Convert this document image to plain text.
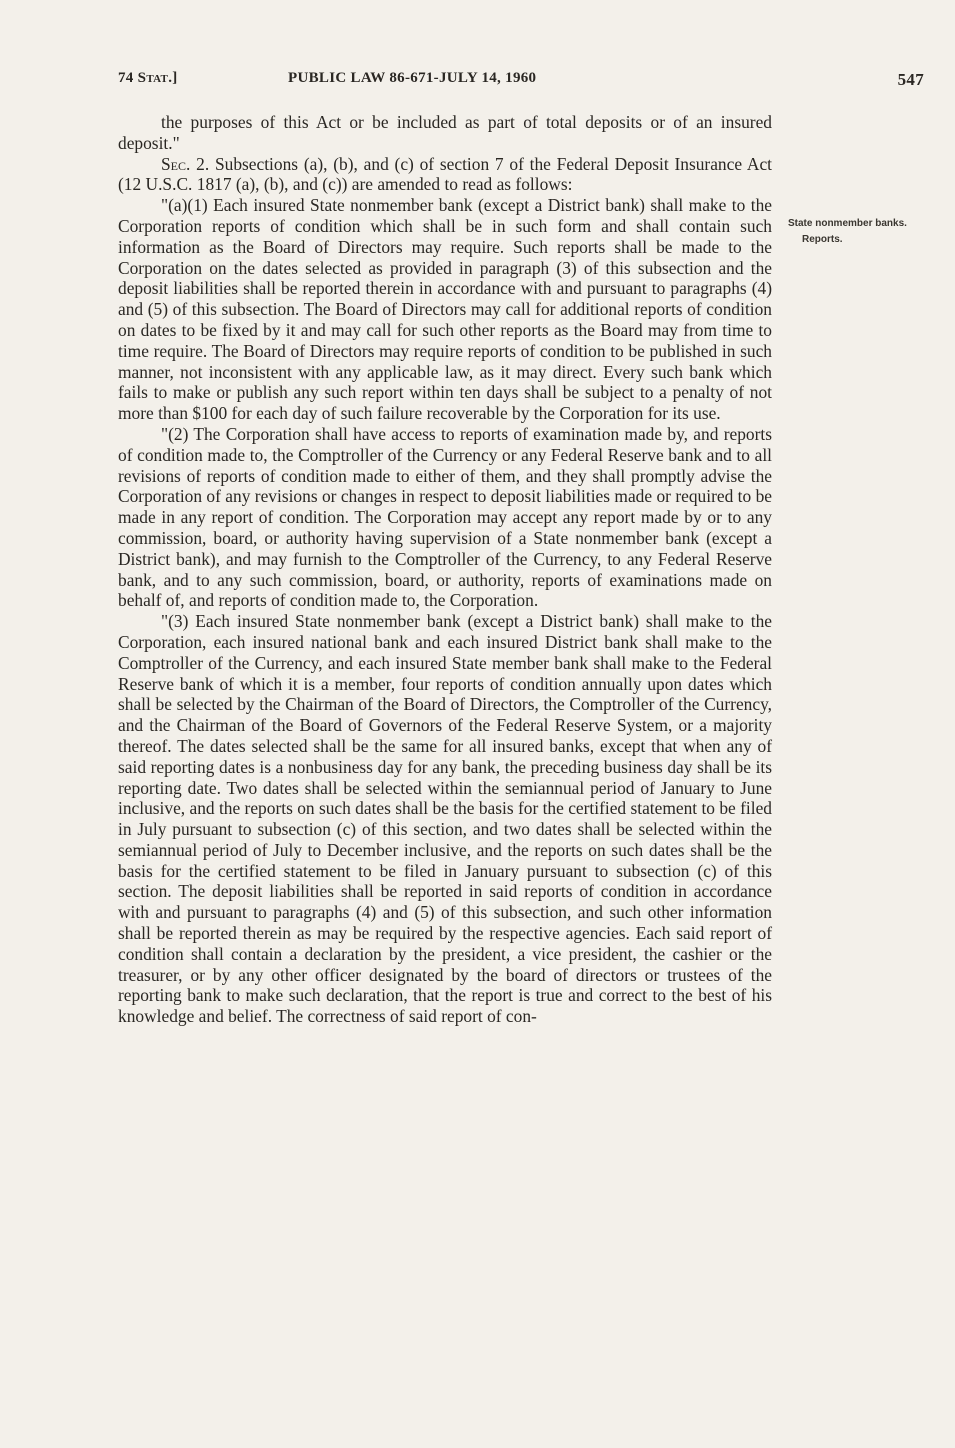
74 Stat.]	PUBLIC LAW 86-671-JULY 14, 1960	547

the purposes of this Act or be included as part of total deposits or of an insured deposit."

Sec. 2. Subsections (a), (b), and (c) of section 7 of the Federal Deposit Insurance Act (12 U.S.C. 1817 (a), (b), and (c)) are amended to read as follows:

"(a)(1) Each insured State nonmember bank (except a District bank) shall make to the Corporation reports of condition which shall be in such form and shall contain such information as the Board of Directors may require. Such reports shall be made to the Corporation on the dates selected as provided in paragraph (3) of this subsection and the deposit liabilities shall be reported therein in accordance with and pursuant to paragraphs (4) and (5) of this subsection. The Board of Directors may call for additional reports of condition on dates to be fixed by it and may call for such other reports as the Board may from time to time require. The Board of Directors may require reports of condition to be published in such manner, not inconsistent with any applicable law, as it may direct. Every such bank which fails to make or publish any such report within ten days shall be subject to a penalty of not more than $100 for each day of such failure recoverable by the Corporation for its use.

"(2) The Corporation shall have access to reports of examination made by, and reports of condition made to, the Comptroller of the Currency or any Federal Reserve bank and to all revisions of reports of condition made to either of them, and they shall promptly advise the Corporation of any revisions or changes in respect to deposit liabilities made or required to be made in any report of condition. The Corporation may accept any report made by or to any commission, board, or authority having supervision of a State nonmember bank (except a District bank), and may furnish to the Comptroller of the Currency, to any Federal Reserve bank, and to any such commission, board, or authority, reports of examinations made on behalf of, and reports of condition made to, the Corporation.

"(3) Each insured State nonmember bank (except a District bank) shall make to the Corporation, each insured national bank and each insured District bank shall make to the Comptroller of the Currency, and each insured State member bank shall make to the Federal Reserve bank of which it is a member, four reports of condition annually upon dates which shall be selected by the Chairman of the Board of Directors, the Comptroller of the Currency, and the Chairman of the Board of Governors of the Federal Reserve System, or a majority thereof. The dates selected shall be the same for all insured banks, except that when any of said reporting dates is a nonbusiness day for any bank, the preceding business day shall be its reporting date. Two dates shall be selected within the semiannual period of January to June inclusive, and the reports on such dates shall be the basis for the certified statement to be filed in July pursuant to subsection (c) of this section, and two dates shall be selected within the semiannual period of July to December inclusive, and the reports on such dates shall be the basis for the certified statement to be filed in January pursuant to subsection (c) of this section. The deposit liabilities shall be reported in said reports of condition in accordance with and pursuant to paragraphs (4) and (5) of this subsection, and such other information shall be reported therein as may be required by the respective agencies. Each said report of condition shall contain a declaration by the president, a vice president, the cashier or the treasurer, or by any other officer designated by the board of directors or trustees of the reporting bank to make such declaration, that the report is true and correct to the best of his knowledge and belief. The correctness of said report of con-

State nonmember banks.
Reports.
